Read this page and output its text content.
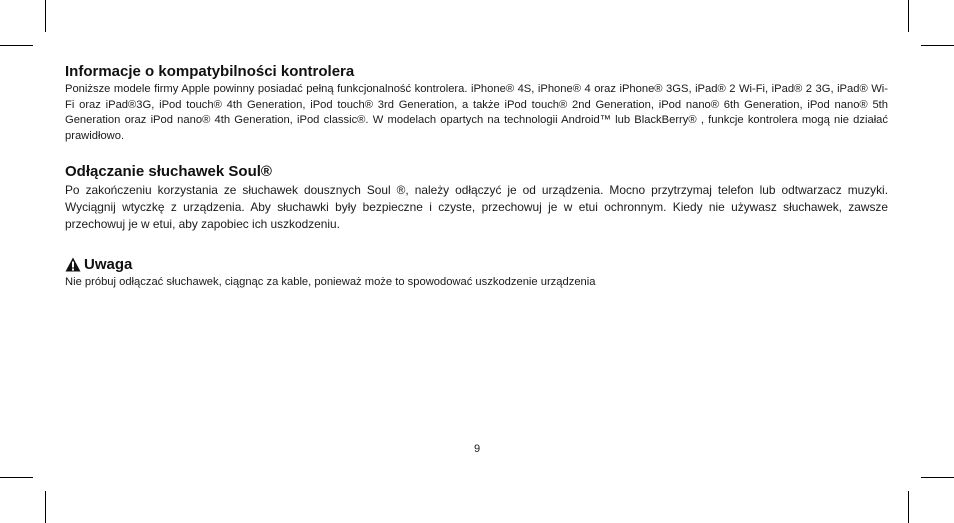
Informacje o kompatybilności kontrolera

Poniższe modele firmy Apple powinny posiadać pełną funkcjonalność kontrolera. iPhone® 4S, iPhone® 4 oraz iPhone® 3GS, iPad® 2 Wi-Fi, iPad® 2 3G, iPad® Wi-Fi oraz iPad®3G, iPod touch® 4th Generation, iPod touch® 3rd Generation, a także iPod touch® 2nd Generation, iPod nano® 6th Generation, iPod nano® 5th Generation oraz iPod nano® 4th Generation, iPod classic®. W modelach opartych na technologii Android™ lub BlackBerry® , funkcje kontrolera mogą nie działać prawidłowo.

Odłączanie słuchawek Soul®

Po zakończeniu korzystania ze słuchawek dousznych Soul ®, należy odłączyć je od urządzenia. Mocno przytrzymaj telefon lub odtwarzacz muzyki. Wyciągnij wtyczkę z urządzenia. Aby słuchawki były bezpieczne i czyste, przechowuj je w etui ochronnym. Kiedy nie używasz słuchawek, zawsze przechowuj je w etui, aby zapobiec ich uszkodzeniu.

Uwaga

Nie próbuj odłączać słuchawek, ciągnąc za kable, ponieważ może to spowodować uszkodzenie urządzenia

9
